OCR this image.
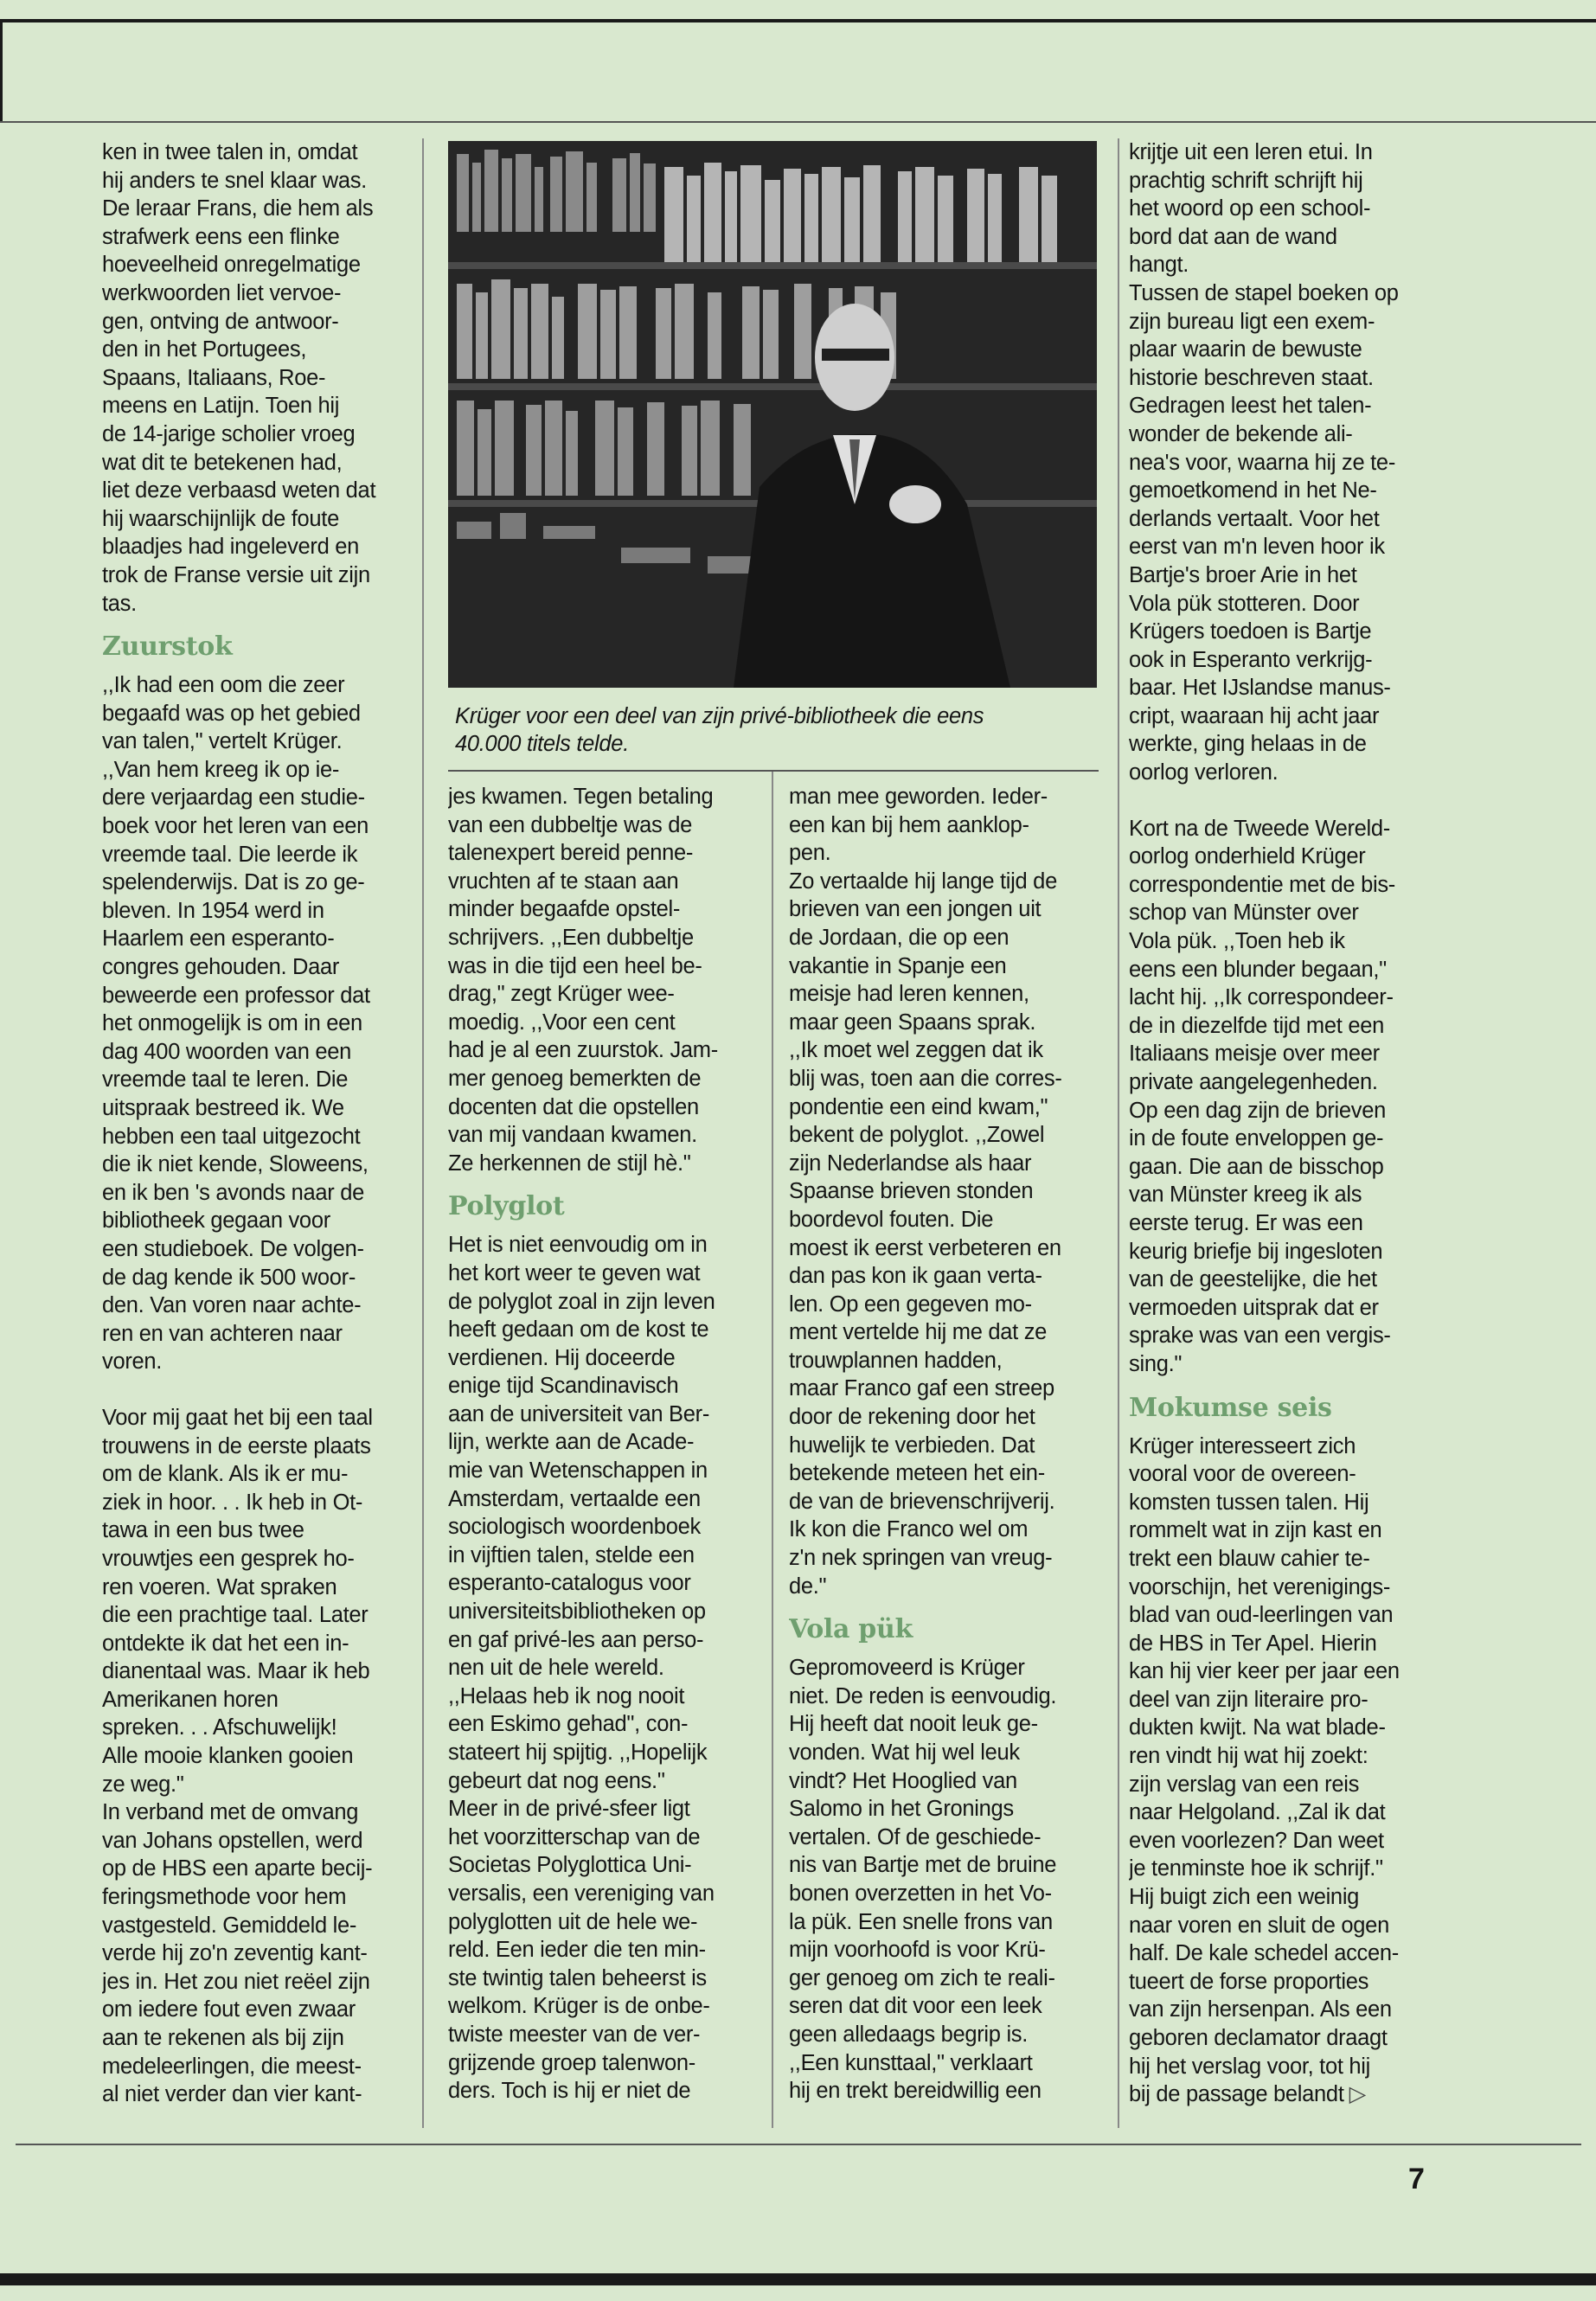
Krüger voor een deel van zijn privé-bibliotheek die eens
40.000 titels telde.

ken in twee talen in, omdat
hij anders te snel klaar was.
De leraar Frans, die hem als
strafwerk eens een flinke
hoeveelheid onregelmatige
werkwoorden liet vervoe-
gen, ontving de antwoor-
den in het Portugees,
Spaans, Italiaans, Roe-
meens en Latijn. Toen hij
de 14-jarige scholier vroeg
wat dit te betekenen had,
liet deze verbaasd weten dat
hij waarschijnlijk de foute
blaadjes had ingeleverd en
trok de Franse versie uit zijn
tas.

Zuurstok

,,Ik had een oom die zeer
begaafd was op het gebied
van talen," vertelt Krüger.
,,Van hem kreeg ik op ie-
dere verjaardag een studie-
boek voor het leren van een
vreemde taal. Die leerde ik
spelenderwijs. Dat is zo ge-
bleven. In 1954 werd in
Haarlem een esperanto-
congres gehouden. Daar
beweerde een professor dat
het onmogelijk is om in een
dag 400 woorden van een
vreemde taal te leren. Die
uitspraak bestreed ik. We
hebben een taal uitgezocht
die ik niet kende, Sloweens,
en ik ben 's avonds naar de
bibliotheek gegaan voor
een studieboek. De volgen-
de dag kende ik 500 woor-
den. Van voren naar achte-
ren en van achteren naar
voren.

Voor mij gaat het bij een taal
trouwens in de eerste plaats
om de klank. Als ik er mu-
ziek in hoor. . . Ik heb in Ot-
tawa in een bus twee
vrouwtjes een gesprek ho-
ren voeren. Wat spraken
die een prachtige taal. Later
ontdekte ik dat het een in-
dianentaal was. Maar ik heb
Amerikanen horen
spreken. . . Afschuwelijk!
Alle mooie klanken gooien
ze weg."

In verband met de omvang
van Johans opstellen, werd
op de HBS een aparte becij-
feringsmethode voor hem
vastgesteld. Gemiddeld le-
verde hij zo'n zeventig kant-
jes in. Het zou niet reëel zijn
om iedere fout even zwaar
aan te rekenen als bij zijn
medeleerlingen, die meest-
al niet verder dan vier kant-

jes kwamen. Tegen betaling
van een dubbeltje was de
talenexpert bereid penne-
vruchten af te staan aan
minder begaafde opstel-
schrijvers. ,,Een dubbeltje
was in die tijd een heel be-
drag," zegt Krüger wee-
moedig. ,,Voor een cent
had je al een zuurstok. Jam-
mer genoeg bemerkten de
docenten dat die opstellen
van mij vandaan kwamen.
Ze herkennen de stijl hè."

Polyglot

Het is niet eenvoudig om in
het kort weer te geven wat
de polyglot zoal in zijn leven
heeft gedaan om de kost te
verdienen. Hij doceerde
enige tijd Scandinavisch
aan de universiteit van Ber-
lijn, werkte aan de Acade-
mie van Wetenschappen in
Amsterdam, vertaalde een
sociologisch woordenboek
in vijftien talen, stelde een
esperanto-catalogus voor
universiteitsbibliotheken op
en gaf privé-les aan perso-
nen uit de hele wereld.
,,Helaas heb ik nog nooit
een Eskimo gehad", con-
stateert hij spijtig. ,,Hopelijk
gebeurt dat nog eens."
Meer in de privé-sfeer ligt
het voorzitterschap van de
Societas Polyglottica Uni-
versalis, een vereniging van
polyglotten uit de hele we-
reld. Een ieder die ten min-
ste twintig talen beheerst is
welkom. Krüger is de onbe-
twiste meester van de ver-
grijzende groep talenwon-
ders. Toch is hij er niet de

man mee geworden. Ieder-
een kan bij hem aanklop-
pen.
Zo vertaalde hij lange tijd de
brieven van een jongen uit
de Jordaan, die op een
vakantie in Spanje een
meisje had leren kennen,
maar geen Spaans sprak.
,,Ik moet wel zeggen dat ik
blij was, toen aan die corres-
pondentie een eind kwam,"
bekent de polyglot. ,,Zowel
zijn Nederlandse als haar
Spaanse brieven stonden
boordevol fouten. Die
moest ik eerst verbeteren en
dan pas kon ik gaan verta-
len. Op een gegeven mo-
ment vertelde hij me dat ze
trouwplannen hadden,
maar Franco gaf een streep
door de rekening door het
huwelijk te verbieden. Dat
betekende meteen het ein-
de van de brievenschrijverij.
Ik kon die Franco wel om
z'n nek springen van vreug-
de."

Vola pük

Gepromoveerd is Krüger
niet. De reden is eenvoudig.
Hij heeft dat nooit leuk ge-
vonden. Wat hij wel leuk
vindt? Het Hooglied van
Salomo in het Gronings
vertalen. Of de geschiede-
nis van Bartje met de bruine
bonen overzetten in het Vo-
la pük. Een snelle frons van
mijn voorhoofd is voor Krü-
ger genoeg om zich te reali-
seren dat dit voor een leek
geen alledaags begrip is.
,,Een kunsttaal," verklaart
hij en trekt bereidwillig een

krijtje uit een leren etui. In
prachtig schrift schrijft hij
het woord op een school-
bord dat aan de wand
hangt.
Tussen de stapel boeken op
zijn bureau ligt een exem-
plaar waarin de bewuste
historie beschreven staat.
Gedragen leest het talen-
wonder de bekende ali-
nea's voor, waarna hij ze te-
gemoetkomend in het Ne-
derlands vertaalt. Voor het
eerst van m'n leven hoor ik
Bartje's broer Arie in het
Vola pük stotteren. Door
Krügers toedoen is Bartje
ook in Esperanto verkrijg-
baar. Het IJslandse manus-
cript, waaraan hij acht jaar
werkte, ging helaas in de
oorlog verloren.

Kort na de Tweede Wereld-
oorlog onderhield Krüger
correspondentie met de bis-
schop van Münster over
Vola pük. ,,Toen heb ik
eens een blunder begaan,"
lacht hij. ,,Ik correspondeer-
de in diezelfde tijd met een
Italiaans meisje over meer
private aangelegenheden.
Op een dag zijn de brieven
in de foute enveloppen ge-
gaan. Die aan de bisschop
van Münster kreeg ik als
eerste terug. Er was een
keurig briefje bij ingesloten
van de geestelijke, die het
vermoeden uitsprak dat er
sprake was van een vergis-
sing."

Mokumse seis

Krüger interesseert zich
vooral voor de overeen-
komsten tussen talen. Hij
rommelt wat in zijn kast en
trekt een blauw cahier te-
voorschijn, het verenigings-
blad van oud-leerlingen van
de HBS in Ter Apel. Hierin
kan hij vier keer per jaar een
deel van zijn literaire pro-
dukten kwijt. Na wat blade-
ren vindt hij wat hij zoekt:
zijn verslag van een reis
naar Helgoland. ,,Zal ik dat
even voorlezen? Dan weet
je tenminste hoe ik schrijf."
Hij buigt zich een weinig
naar voren en sluit de ogen
half. De kale schedel accen-
tueert de forse proporties
van zijn hersenpan. Als een
geboren declamator draagt
hij het verslag voor, tot hij
bij de passage belandt ▷

7
